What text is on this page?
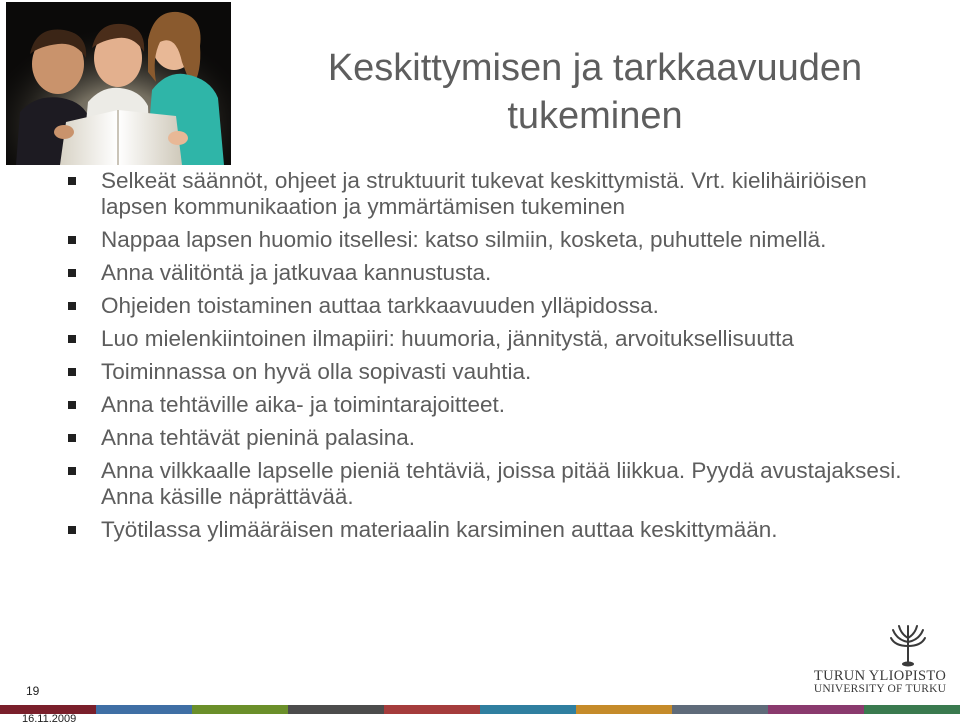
Keskittymisen ja tarkkaavuuden tukeminen
Selkeät säännöt, ohjeet ja struktuurit tukevat keskittymistä. Vrt. kielihäiriöisen lapsen kommunikaation ja ymmärtämisen tukeminen
Nappaa lapsen huomio itsellesi: katso silmiin, kosketa, puhuttele nimellä.
Anna välitöntä ja jatkuvaa kannustusta.
Ohjeiden toistaminen auttaa tarkkaavuuden ylläpidossa.
Luo mielenkiintoinen ilmapiiri: huumoria, jännitystä, arvoituksellisuutta
Toiminnassa on hyvä olla sopivasti vauhtia.
Anna tehtäville aika- ja toimintarajoitteet.
Anna tehtävät pieninä palasina.
Anna vilkkaalle lapselle pieniä tehtäviä, joissa pitää liikkua. Pyydä avustajaksesi. Anna käsille näprättävää.
Työtilassa ylimääräisen materiaalin karsiminen auttaa keskittymään.
TURUN YLIOPISTO
UNIVERSITY OF TURKU
19
16.11.2009
